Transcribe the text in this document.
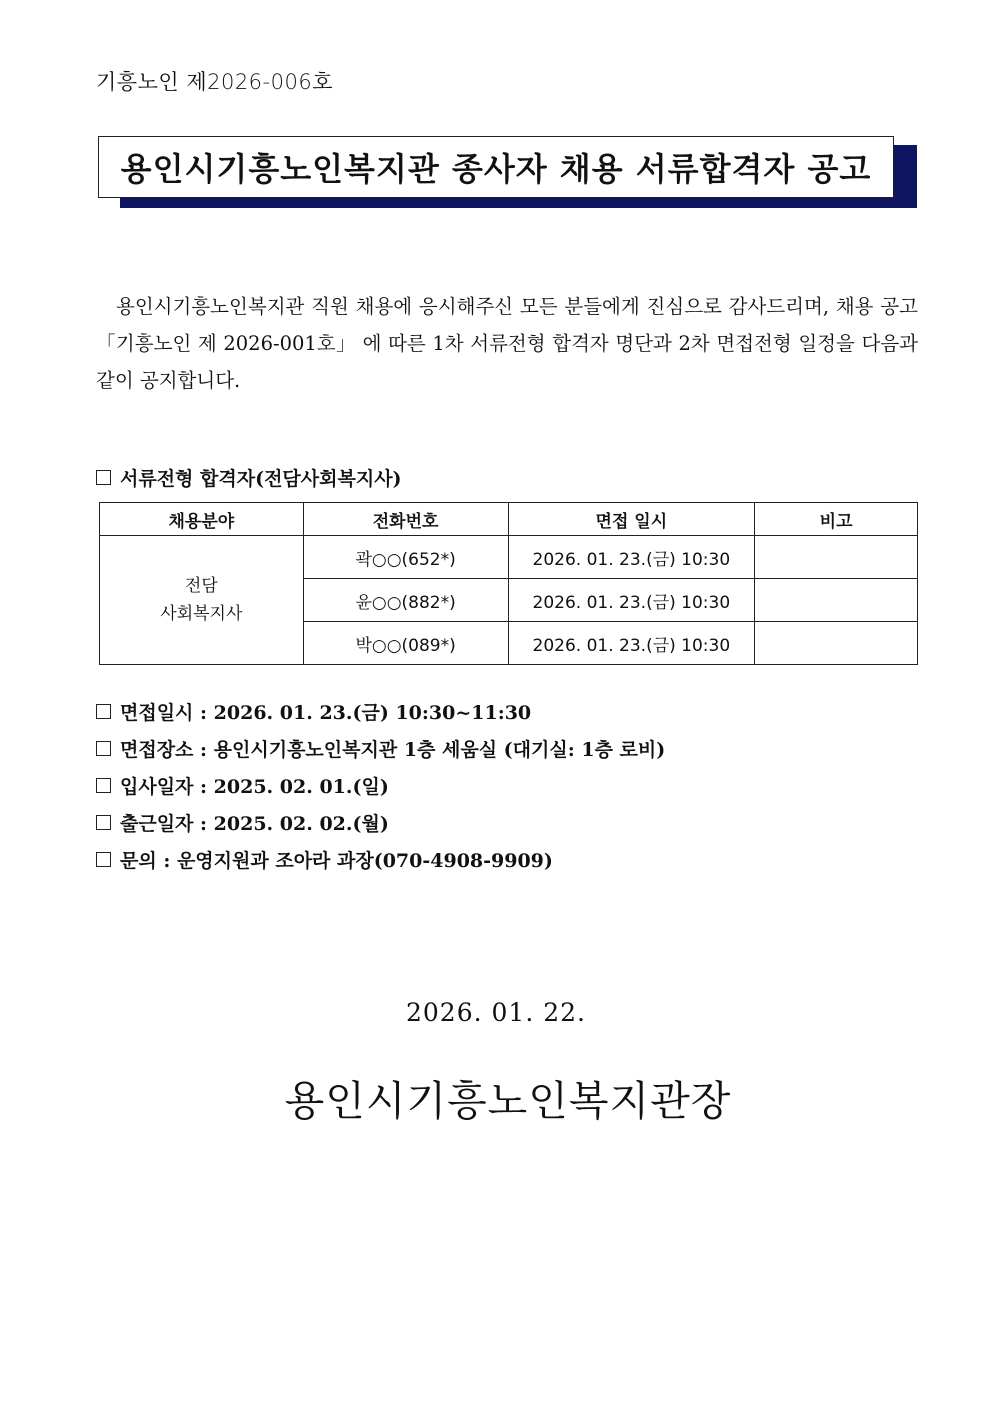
기흥노인 제2026-006호
용인시기흥노인복지관 종사자 채용 서류합격자 공고
용인시기흥노인복지관 직원 채용에 응시해주신 모든 분들에게 진심으로 감사드리며, 채용 공고 「기흥노인 제 2026-001호」 에 따른 1차 서류전형 합격자 명단과 2차 면접전형 일정을 다음과 같이 공지합니다.
서류전형 합격자(전담사회복지사)
채용분야	전화번호	면접 일시	비고

전담
사회복지사	곽○○(652*)	2026. 01. 23.(금) 10:30	
	윤○○(882*)	2026. 01. 23.(금) 10:30	
	박○○(089*)	2026. 01. 23.(금) 10:30	
면접일시 : 2026. 01. 23.(금) 10:30~11:30
면접장소 : 용인시기흥노인복지관 1층 세움실 (대기실: 1층 로비)
입사일자 : 2025. 02. 01.(일)
출근일자 : 2025. 02. 02.(월)
문의 : 운영지원과 조아라 과장(070-4908-9909)
2026. 01. 22.
용인시기흥노인복지관장
